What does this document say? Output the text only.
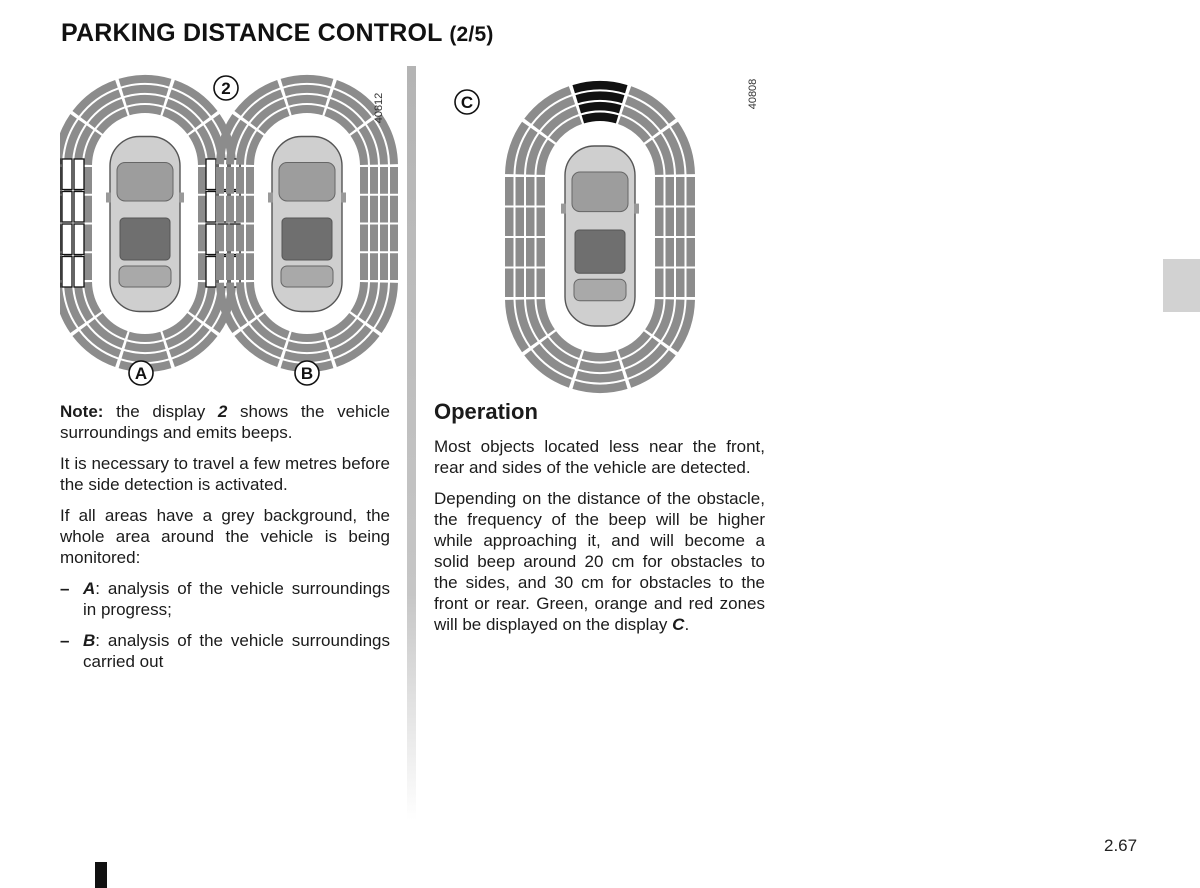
PARKING DISTANCE CONTROL (2/5)
2
A	B
40812	C	40808

Note: the display 2 shows the vehicle surroundings and emits beeps.

It is necessary to travel a few metres before the side detection is activated.

If all areas have a grey background, the whole area around the vehicle is being monitored:

– A: analysis of the vehicle surroundings in progress;
– B: analysis of the vehicle surroundings carried out
Operation

Most objects located less near the front, rear and sides of the vehicle are detected.

Depending on the distance of the obstacle, the frequency of the beep will be higher while approaching it, and will become a solid beep around 20 cm for obstacles to the sides, and 30 cm for obstacles to the front or rear. Green, orange and red zones will be displayed on the display C.

2.67
